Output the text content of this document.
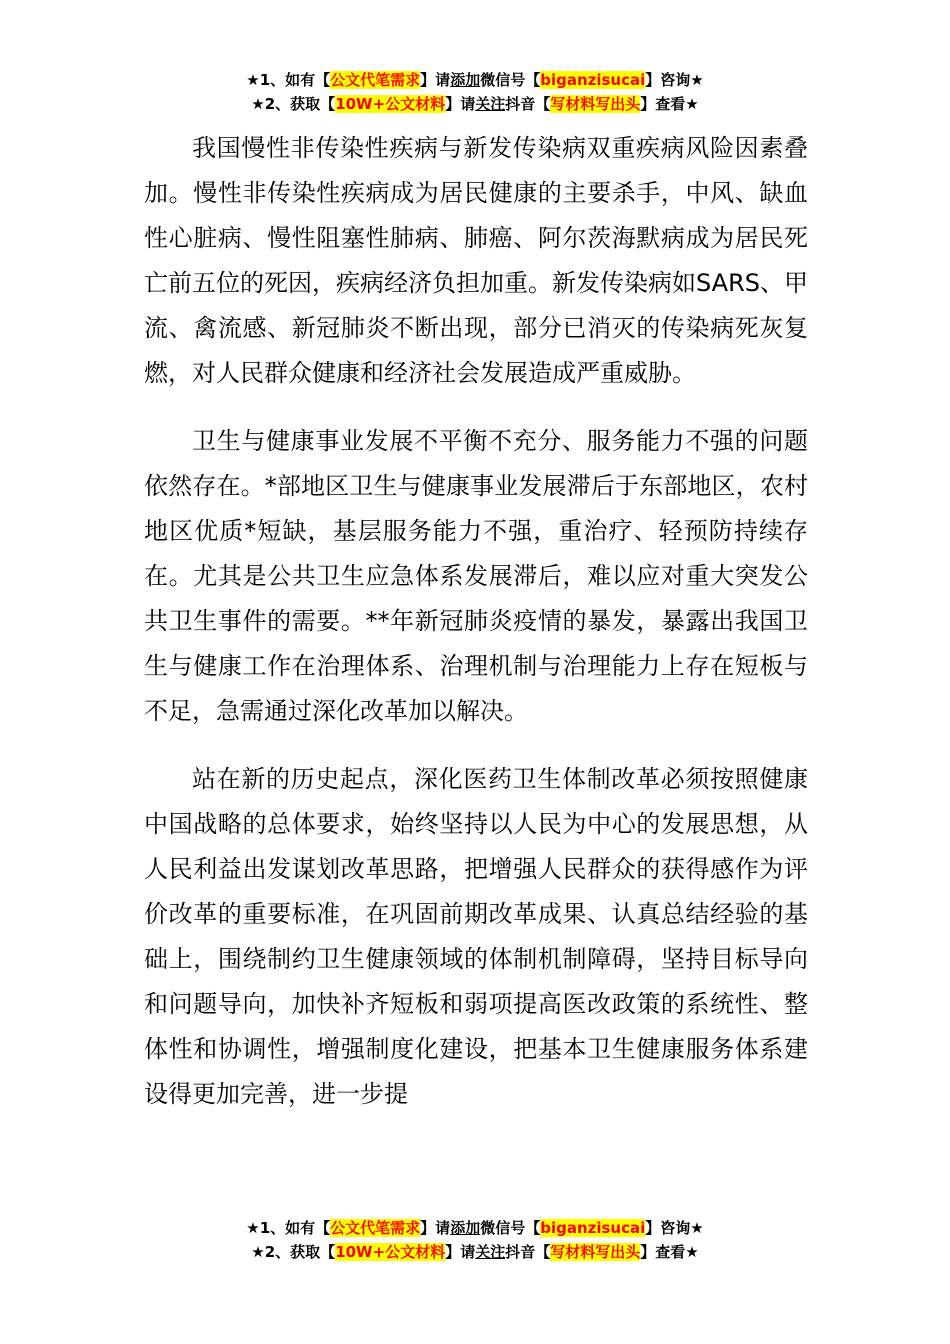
★1、如有【公文代笔需求】请添加微信号【biganzisucai】咨询★
★2、获取【10W+公文材料】请关注抖音【写材料写出头】查看★

我国慢性非传染性疾病与新发传染病双重疾病风险因素叠加。慢性非传染性疾病成为居民健康的主要杀手，中风、缺血性心脏病、慢性阻塞性肺病、肺癌、阿尔茨海默病成为居民死亡前五位的死因，疾病经济负担加重。新发传染病如SARS、甲流、禽流感、新冠肺炎不断出现，部分已消灭的传染病死灰复燃，对人民群众健康和经济社会发展造成严重威胁。

卫生与健康事业发展不平衡不充分、服务能力不强的问题依然存在。*部地区卫生与健康事业发展滞后于东部地区，农村地区优质*短缺，基层服务能力不强，重治疗、轻预防持续存在。尤其是公共卫生应急体系发展滞后，难以应对重大突发公共卫生事件的需要。**年新冠肺炎疫情的暴发，暴露出我国卫生与健康工作在治理体系、治理机制与治理能力上存在短板与不足，急需通过深化改革加以解决。

站在新的历史起点，深化医药卫生体制改革必须按照健康中国战略的总体要求，始终坚持以人民为中心的发展思想，从人民利益出发谋划改革思路，把增强人民群众的获得感作为评价改革的重要标准，在巩固前期改革成果、认真总结经验的基础上，围绕制约卫生健康领域的体制机制障碍，坚持目标导向和问题导向，加快补齐短板和弱项提高医改政策的系统性、整体性和协调性，增强制度化建设，把基本卫生健康服务体系建设得更加完善，进一步提

★1、如有【公文代笔需求】请添加微信号【biganzisucai】咨询★
★2、获取【10W+公文材料】请关注抖音【写材料写出头】查看★
